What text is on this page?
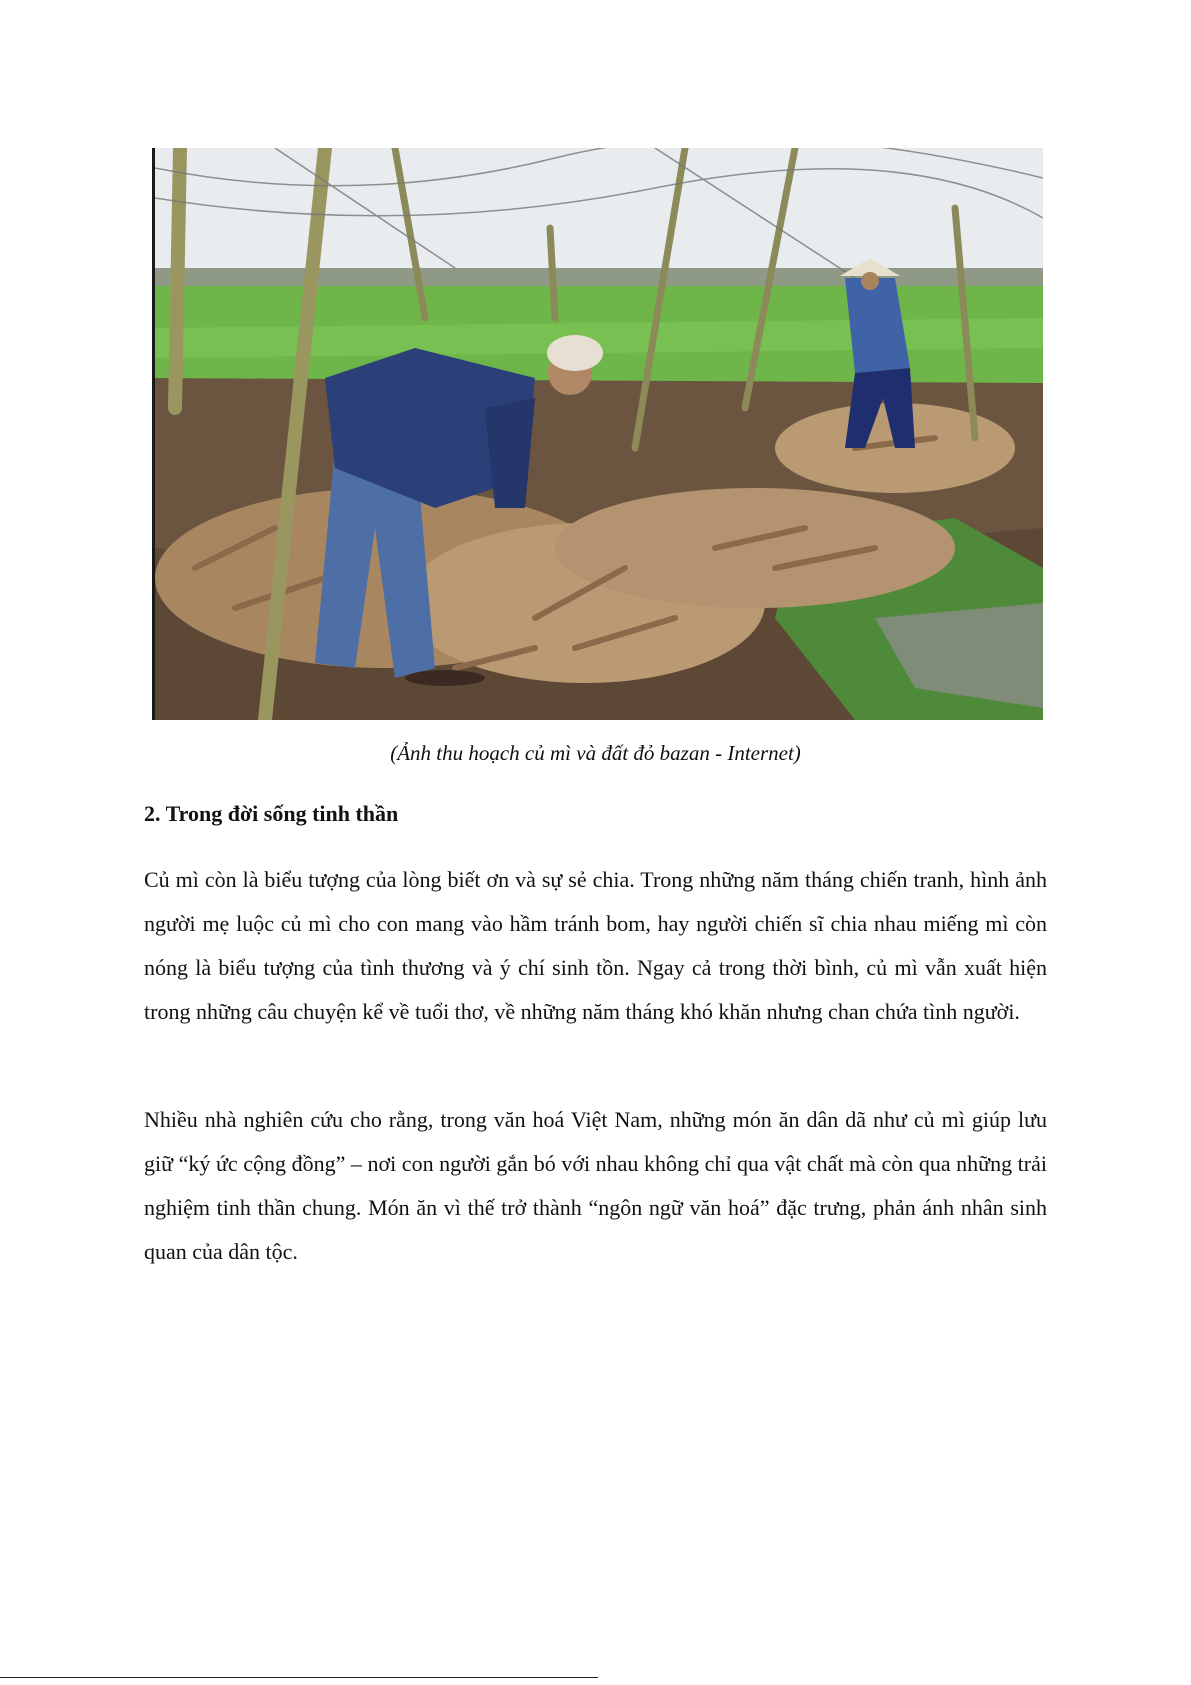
(Ảnh thu hoạch củ mì và đất đỏ bazan - Internet)
2. Trong đời sống tinh thần

Củ mì còn là biểu tượng của lòng biết ơn và sự sẻ chia. Trong những năm tháng chiến tranh, hình ảnh người mẹ luộc củ mì cho con mang vào hầm tránh bom, hay người chiến sĩ chia nhau miếng mì còn nóng là biểu tượng của tình thương và ý chí sinh tồn. Ngay cả trong thời bình, củ mì vẫn xuất hiện trong những câu chuyện kể về tuổi thơ, về những năm tháng khó khăn nhưng chan chứa tình người.

Nhiều nhà nghiên cứu cho rằng, trong văn hoá Việt Nam, những món ăn dân dã như củ mì giúp lưu giữ “ký ức cộng đồng” – nơi con người gắn bó với nhau không chỉ qua vật chất mà còn qua những trải nghiệm tinh thần chung. Món ăn vì thế trở thành “ngôn ngữ văn hoá” đặc trưng, phản ánh nhân sinh quan của dân tộc.
